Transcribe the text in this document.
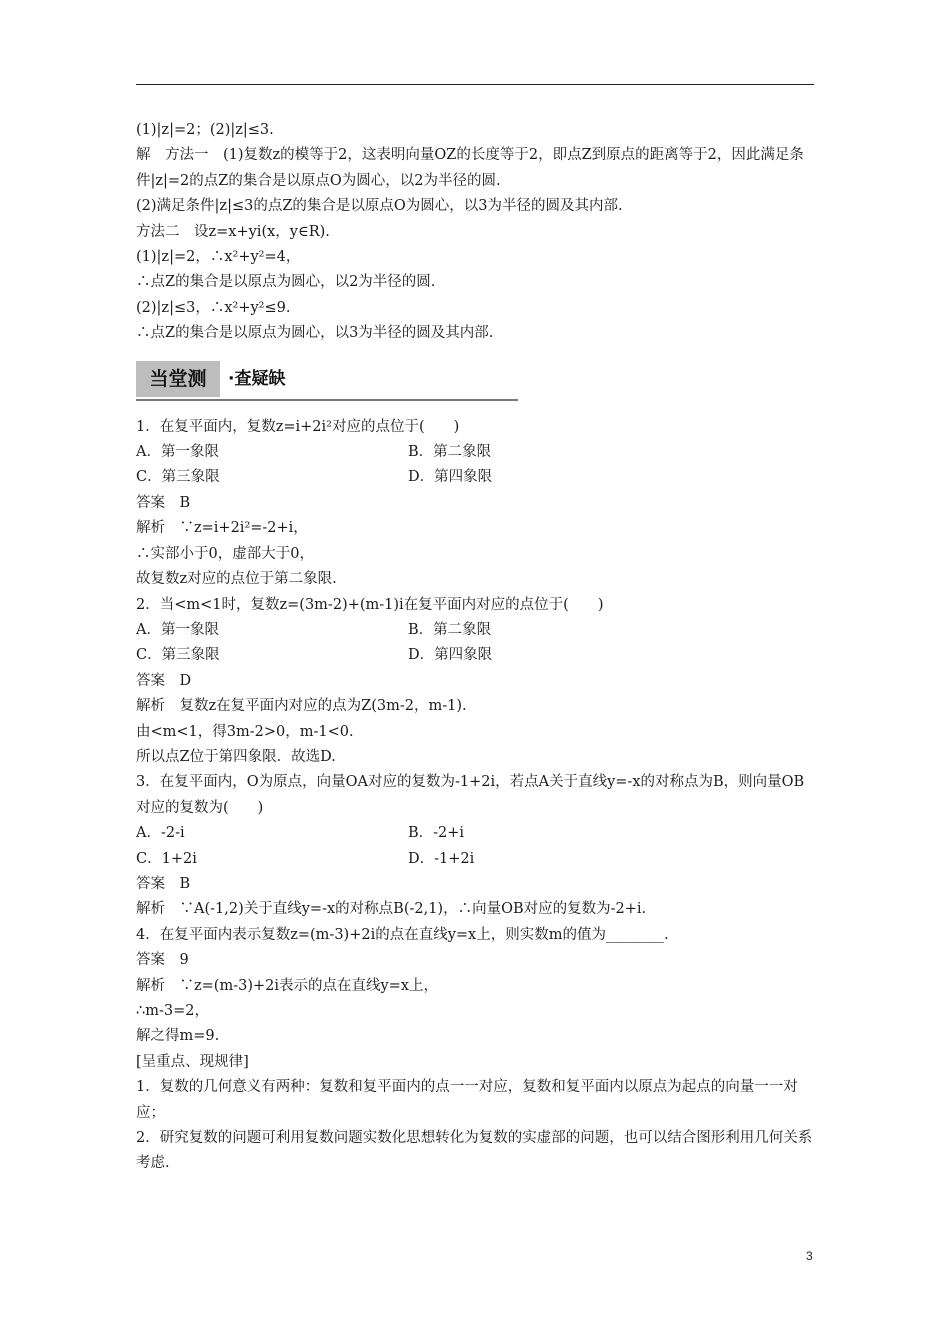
(1)|z|=2；(2)|z|≤3.
解　方法一　(1)复数z的模等于2，这表明向量OZ的长度等于2，即点Z到原点的距离等于2，因此满足条件|z|=2的点Z的集合是以原点O为圆心，以2为半径的圆.
(2)满足条件|z|≤3的点Z的集合是以原点O为圆心，以3为半径的圆及其内部.
方法二　设z=x+yi(x，y∈R).
(1)|z|=2，∴x²+y²=4，
∴点Z的集合是以原点为圆心，以2为半径的圆.
(2)|z|≤3，∴x²+y²≤9.
∴点Z的集合是以原点为圆心，以3为半径的圆及其内部.
当堂测	·查疑缺
1．在复平面内，复数z=i+2i²对应的点位于(　　)
A．第一象限	B．第二象限
C．第三象限	D．第四象限
答案　B
解析　∵z=i+2i²=-2+i，
∴实部小于0，虚部大于0，
故复数z对应的点位于第二象限.
2．当<m<1时，复数z=(3m-2)+(m-1)i在复平面内对应的点位于(　　)
A．第一象限	B．第二象限
C．第三象限	D．第四象限
答案　D
解析　复数z在复平面内对应的点为Z(3m-2，m-1).
由<m<1，得3m-2>0，m-1<0.
所以点Z位于第四象限．故选D.
3．在复平面内，O为原点，向量OA对应的复数为-1+2i，若点A关于直线y=-x的对称点为B，则向量OB对应的复数为(　　)
A．-2-i	B．-2+i
C．1+2i	D．-1+2i
答案　B
解析　∵A(-1,2)关于直线y=-x的对称点B(-2,1)，∴向量OB对应的复数为-2+i.
4．在复平面内表示复数z=(m-3)+2i的点在直线y=x上，则实数m的值为________.
答案　9
解析　∵z=(m-3)+2i表示的点在直线y=x上，
∴m-3=2，
解之得m=9.
[呈重点、现规律]
1．复数的几何意义有两种：复数和复平面内的点一一对应，复数和复平面内以原点为起点的向量一一对应；
2．研究复数的问题可利用复数问题实数化思想转化为复数的实虚部的问题，也可以结合图形利用几何关系考虑.
3
